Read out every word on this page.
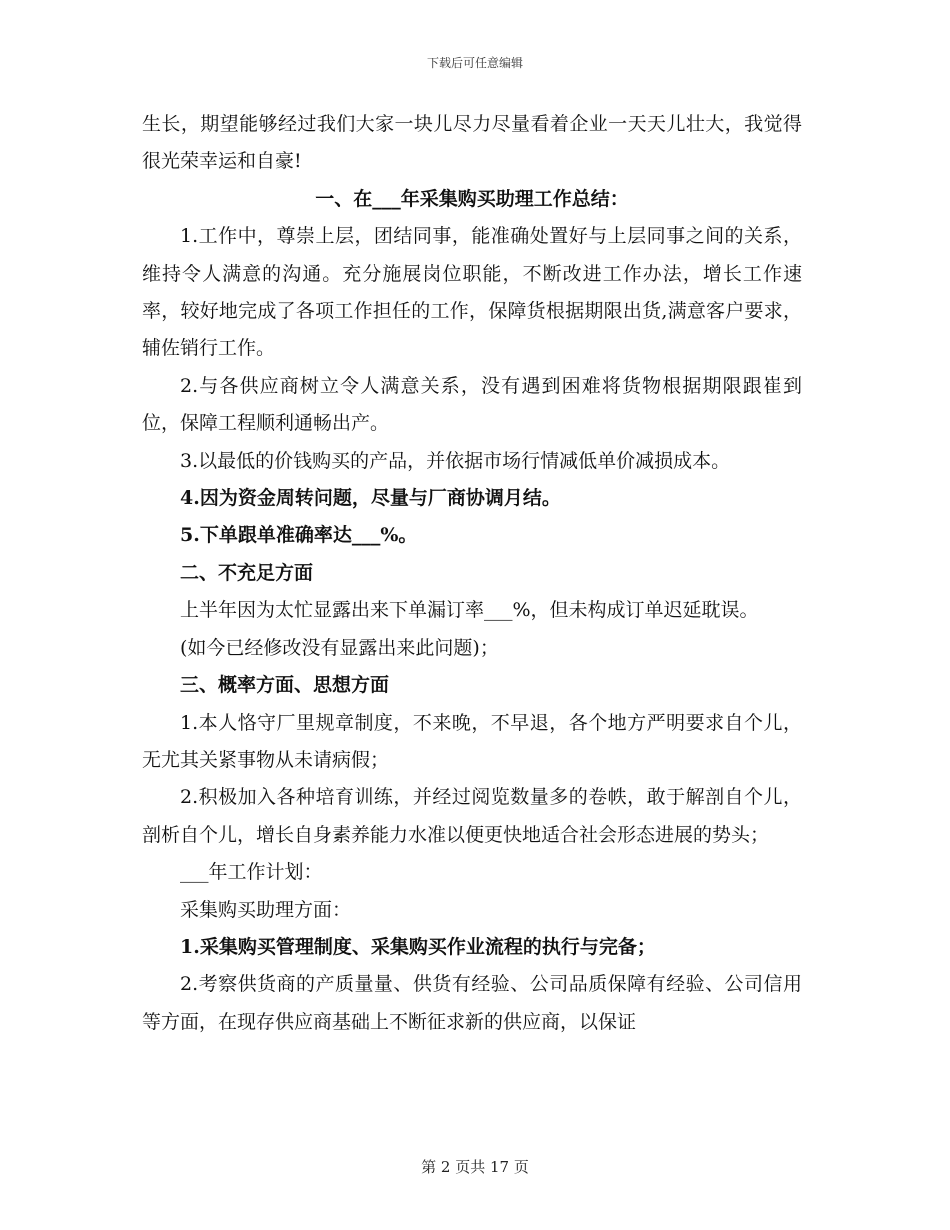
下载后可任意编辑

生长，期望能够经过我们大家一块儿尽力尽量看着企业一天天儿壮大，我觉得很光荣幸运和自豪!

一、在___年采集购买助理工作总结：

1.工作中，尊崇上层，团结同事，能准确处置好与上层同事之间的关系，维持令人满意的沟通。充分施展岗位职能，不断改进工作办法，增长工作速率，较好地完成了各项工作担任的工作，保障货根据期限出货,满意客户要求，辅佐销行工作。

2.与各供应商树立令人满意关系，没有遇到困难将货物根据期限跟崔到位，保障工程顺利通畅出产。

3.以最低的价钱购买的产品，并依据市场行情减低单价减损成本。

4.因为资金周转问题，尽量与厂商协调月结。

5.下单跟单准确率达___%。

二、不充足方面

上半年因为太忙显露出来下单漏订率___%，但未构成订单迟延耽误。

(如今已经修改没有显露出来此问题)；

三、概率方面、思想方面

1.本人恪守厂里规章制度，不来晚，不早退，各个地方严明要求自个儿，无尤其关紧事物从未请病假；

2.积极加入各种培育训练，并经过阅览数量多的卷帙，敢于解剖自个儿，剖析自个儿，增长自身素养能力水准以便更快地适合社会形态进展的势头；

___年工作计划：

采集购买助理方面：

1.采集购买管理制度、采集购买作业流程的执行与完备；

2.考察供货商的产质量量、供货有经验、公司品质保障有经验、公司信用等方面，在现存供应商基础上不断征求新的供应商，以保证

第 2 页共 17 页
